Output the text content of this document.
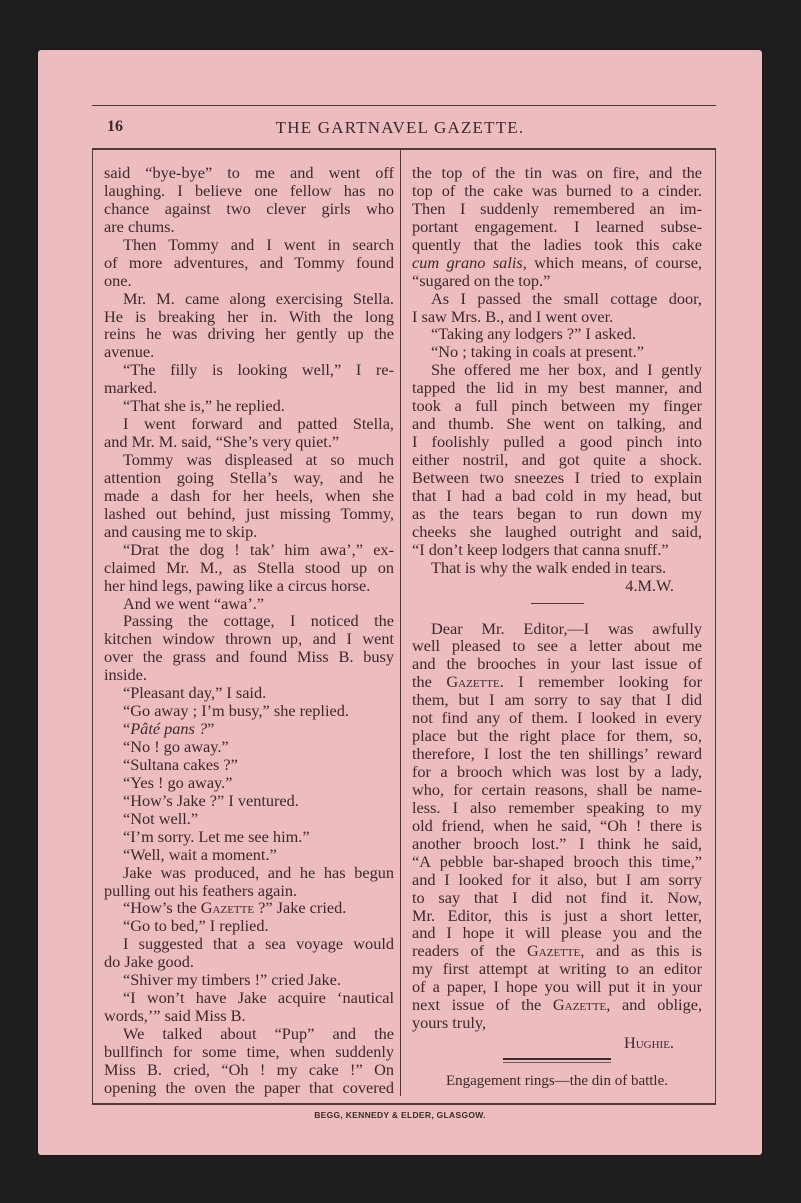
16	THE GARTNAVEL GAZETTE.
said “bye-bye” to me and went off
laughing. I believe one fellow has no
chance against two clever girls who
are chums.
Then Tommy and I went in search
of more adventures, and Tommy found
one.
Mr. M. came along exercising Stella.
He is breaking her in. With the long
reins he was driving her gently up the
avenue.
“The filly is looking well,” I re-
marked.
“That she is,” he replied.
I went forward and patted Stella,
and Mr. M. said, “She’s very quiet.”
Tommy was displeased at so much
attention going Stella’s way, and he
made a dash for her heels, when she
lashed out behind, just missing Tommy,
and causing me to skip.
“Drat the dog ! tak’ him awa’,” ex-
claimed Mr. M., as Stella stood up on
her hind legs, pawing like a circus horse.
And we went “awa’.”
Passing the cottage, I noticed the
kitchen window thrown up, and I went
over the grass and found Miss B. busy
inside.
“Pleasant day,” I said.
“Go away ; I’m busy,” she replied.
“Pâté pans ?”
“No ! go away.”
“Sultana cakes ?”
“Yes ! go away.”
“How’s Jake ?” I ventured.
“Not well.”
“I’m sorry. Let me see him.”
“Well, wait a moment.”
Jake was produced, and he has begun
pulling out his feathers again.
“How’s the Gazette ?” Jake cried.
“Go to bed,” I replied.
I suggested that a sea voyage would
do Jake good.
“Shiver my timbers !” cried Jake.
“I won’t have Jake acquire ‘nautical
words,’” said Miss B.
We talked about “Pup” and the
bullfinch for some time, when suddenly
Miss B. cried, “Oh ! my cake !” On
opening the oven the paper that covered
the top of the tin was on fire, and the
top of the cake was burned to a cinder.
Then I suddenly remembered an im-
portant engagement. I learned subse-
quently that the ladies took this cake
cum grano salis, which means, of course,
“sugared on the top.”
As I passed the small cottage door,
I saw Mrs. B., and I went over.
“Taking any lodgers ?” I asked.
“No ; taking in coals at present.”
She offered me her box, and I gently
tapped the lid in my best manner, and
took a full pinch between my finger
and thumb. She went on talking, and
I foolishly pulled a good pinch into
either nostril, and got quite a shock.
Between two sneezes I tried to explain
that I had a bad cold in my head, but
as the tears began to run down my
cheeks she laughed outright and said,
“I don’t keep lodgers that canna snuff.”
That is why the walk ended in tears.
4.M.W.
Dear Mr. Editor,—I was awfully
well pleased to see a letter about me
and the brooches in your last issue of
the Gazette. I remember looking for
them, but I am sorry to say that I did
not find any of them. I looked in every
place but the right place for them, so,
therefore, I lost the ten shillings’ reward
for a brooch which was lost by a lady,
who, for certain reasons, shall be name-
less. I also remember speaking to my
old friend, when he said, “Oh ! there is
another brooch lost.” I think he said,
“A pebble bar-shaped brooch this time,”
and I looked for it also, but I am sorry
to say that I did not find it. Now,
Mr. Editor, this is just a short letter,
and I hope it will please you and the
readers of the Gazette, and as this is
my first attempt at writing to an editor
of a paper, I hope you will put it in your
next issue of the Gazette, and oblige,
yours truly,
Hughie.
Engagement rings—the din of battle.
BEGG, KENNEDY & ELDER, GLASGOW.
